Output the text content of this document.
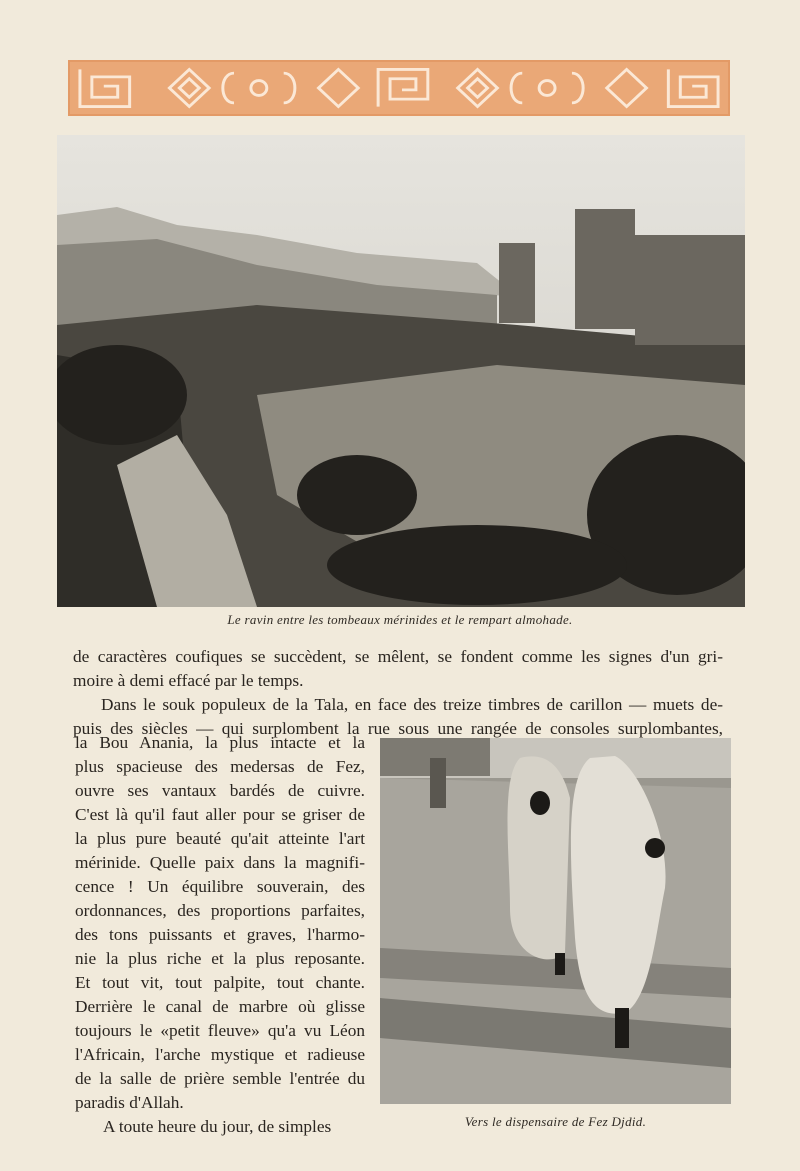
Le ravin entre les tombeaux mérinides et le rempart almohade.
de caractères coufiques se succèdent, se mêlent, se fondent comme les signes d'un gri-
moire à demi effacé par le temps.
Dans le souk populeux de la Tala, en face des treize timbres de carillon — muets de-
puis des siècles — qui surplombent la rue sous une rangée de consoles surplombantes,
la Bou Anania, la plus intacte et la
plus spacieuse des medersas de Fez,
ouvre ses vantaux bardés de cuivre.
C'est là qu'il faut aller pour se griser de
la plus pure beauté qu'ait atteinte l'art
mérinide. Quelle paix dans la magnifi-
cence ! Un équilibre souverain, des
ordonnances, des proportions parfaites,
des tons puissants et graves, l'harmo-
nie la plus riche et la plus reposante.
Et tout vit, tout palpite, tout chante.
Derrière le canal de marbre où glisse
toujours le «petit fleuve» qu'a vu Léon
l'Africain, l'arche mystique et radieuse
de la salle de prière semble l'entrée du
paradis d'Allah.
A toute heure du jour, de simples	Vers le dispensaire de Fez Djdid.
